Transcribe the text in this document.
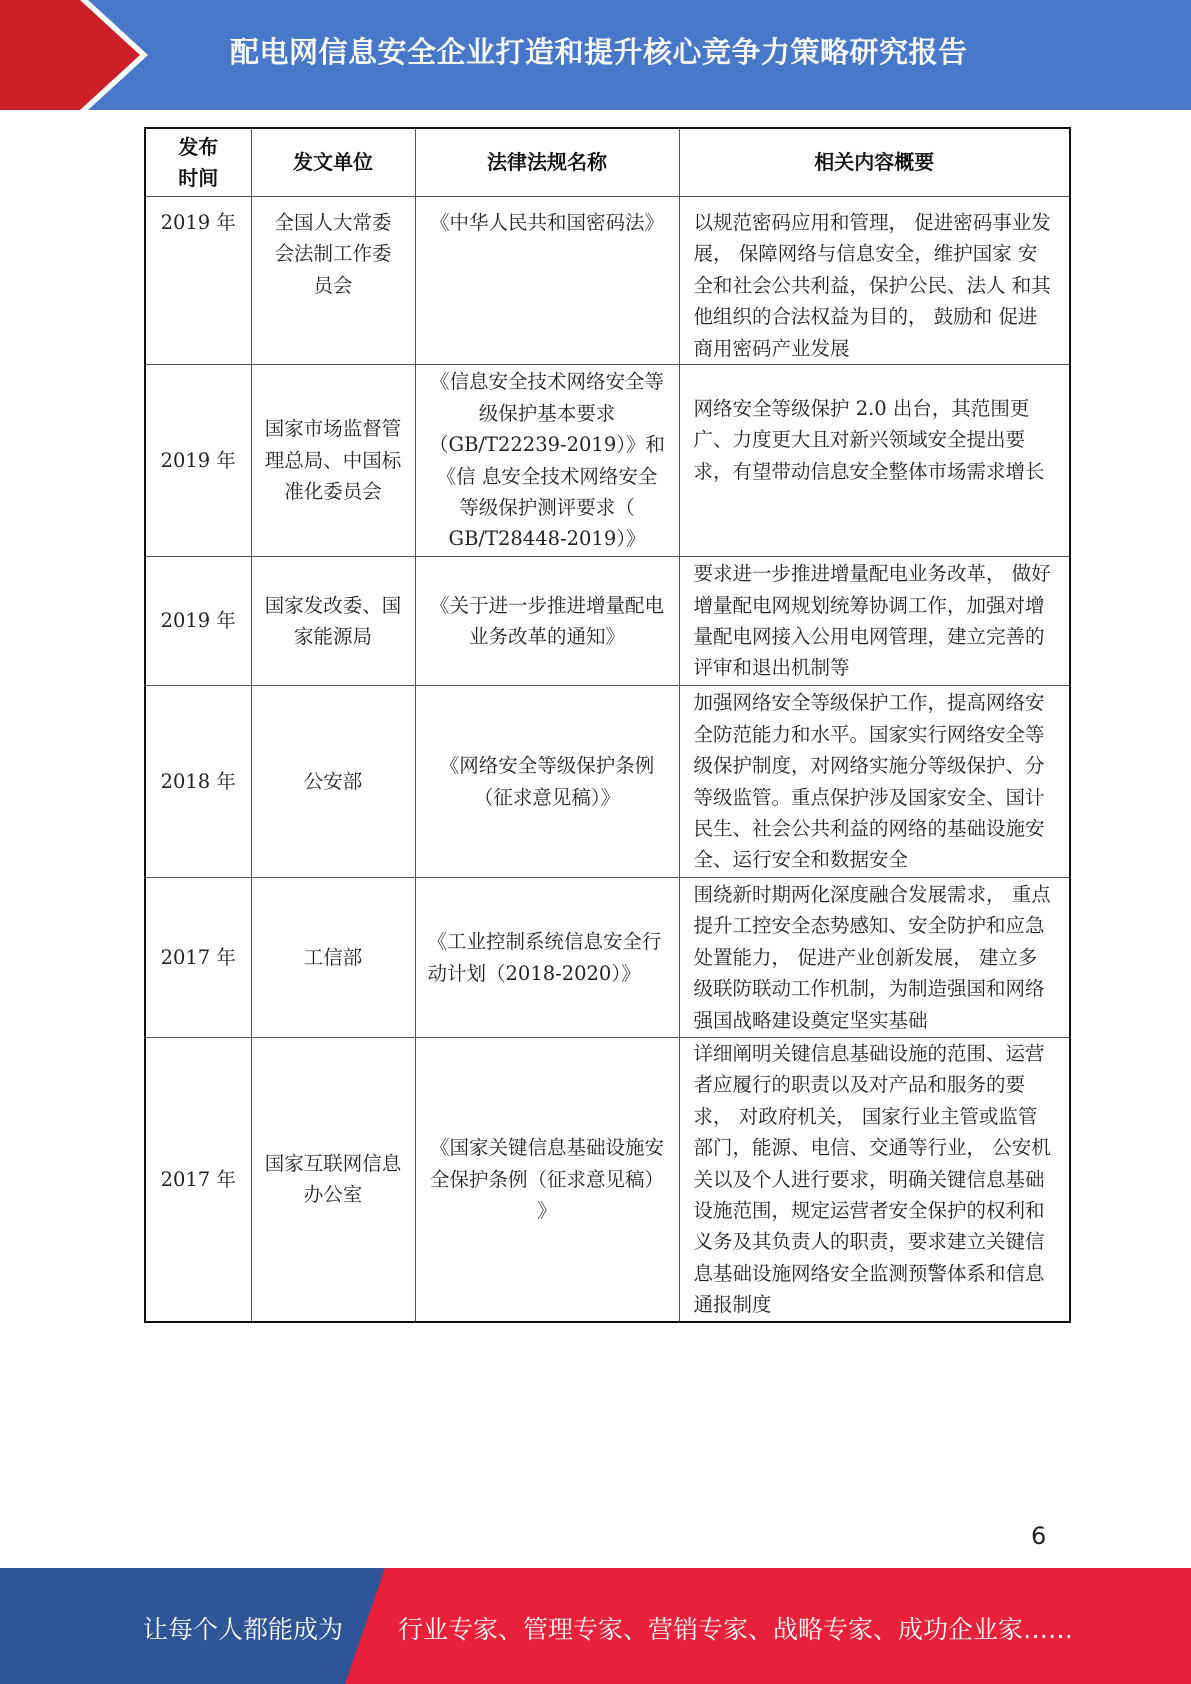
配电网信息安全企业打造和提升核心竞争力策略研究报告
发布
时间	发文单位	法律法规名称	相关内容概要
2019 年	全国人大常委
会法制工作委
员会	《中华人民共和国密码法》	以规范密码应用和管理， 促进密码事业发展， 保障网络与信息安全，维护国家 安全和社会公共利益，保护公民、法人 和其他组织的合法权益为目的， 鼓励和 促进商用密码产业发展
2019 年	国家市场监督管理总局、中国标准化委员会	《信息安全技术网络安全等级保护基本要求（GB/T22239-2019）》和《信 息安全技术网络安全等级保护测评要求（ GB/T28448-2019）》	网络安全等级保护 2.0 出台，其范围更广、力度更大且对新兴领域安全提出要求，有望带动信息安全整体市场需求增长
2019 年	国家发改委、国家能源局	《关于进一步推进增量配电业务改革的通知》	要求进一步推进增量配电业务改革， 做好增量配电网规划统筹协调工作，加强对增量配电网接入公用电网管理，建立完善的评审和退出机制等
2018 年	公安部	《网络安全等级保护条例（征求意见稿）》	加强网络安全等级保护工作，提高网络安全防范能力和水平。国家实行网络安全等级保护制度，对网络实施分等级保护、分等级监管。重点保护涉及国家安全、国计民生、社会公共利益的网络的基础设施安全、运行安全和数据安全
2017 年	工信部	《工业控制系统信息安全行动计划（2018-2020）》	围绕新时期两化深度融合发展需求， 重点提升工控安全态势感知、安全防护和应急处置能力， 促进产业创新发展， 建立多级联防联动工作机制，为制造强国和网络强国战略建设奠定坚实基础
2017 年	国家互联网信息办公室	《国家关键信息基础设施安全保护条例（征求意见稿） 》	详细阐明关键信息基础设施的范围、运营者应履行的职责以及对产品和服务的要求， 对政府机关， 国家行业主管或监管部门，能源、电信、交通等行业， 公安机关以及个人进行要求，明确关键信息基础设施范围，规定运营者安全保护的权利和义务及其负责人的职责，要求建立关键信息基础设施网络安全监测预警体系和信息通报制度
6
让每个人都能成为 行业专家、管理专家、营销专家、战略专家、成功企业家……
